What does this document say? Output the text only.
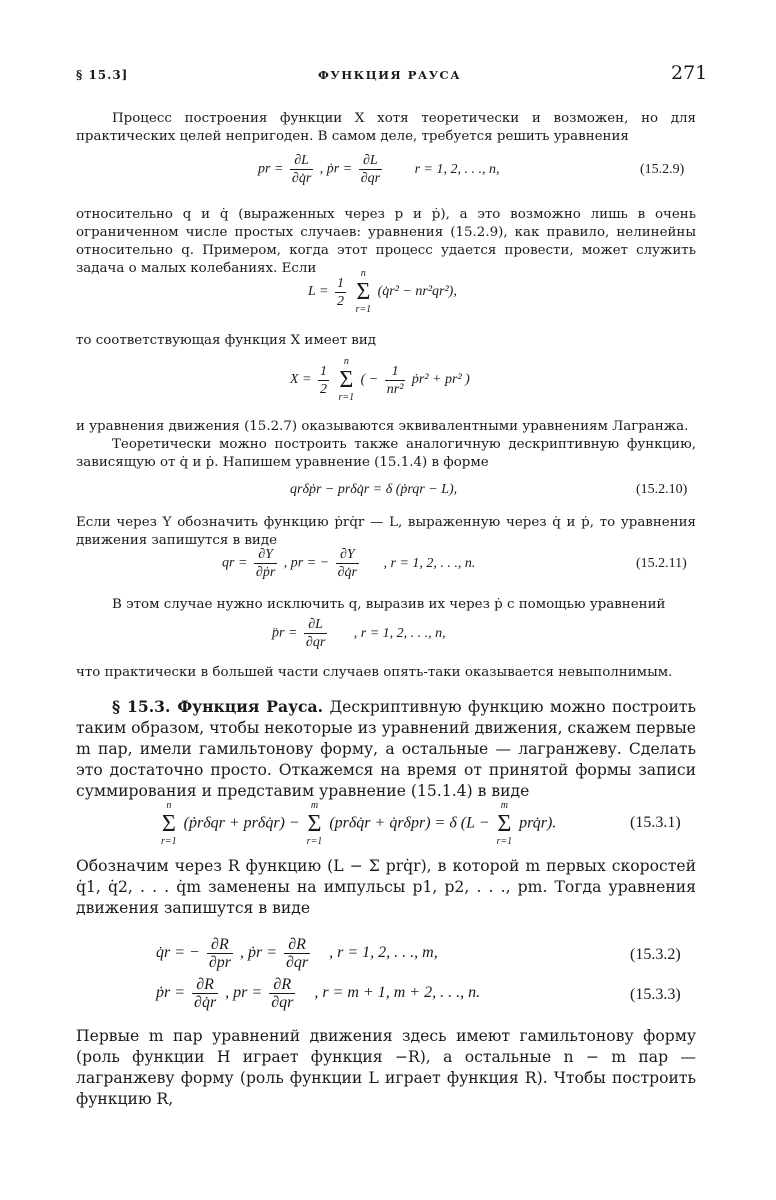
§ 15.3]	ФУНКЦИЯ РАУСА	271
Процесс построения функции X хотя теоретически и возможен, но для практических целей непригоден. В самом деле, требуется решить уравнения
pr = $\frac{\partial L}{\partial q̇r}$ , ṗr = $\frac{\partial L}{\partial qr}$ r = 1, 2, . . ., n,	(15.2.9)
относительно q и q̇ (выраженных через p и ṗ), а это возможно лишь в очень ограниченном числе простых случаев: уравнения (15.2.9), как правило, нелинейны относительно q. Примером, когда этот процесс удается провести, может служить задача о малых колебаниях. Если
$L = \frac{1}{2}$

n
Σ
r=1
(q̇r² − nr²qr²),
то соответствующая функция X имеет вид
$X = \frac{1}{2}$

n
Σ
r=1
( − $\frac{1}{\text{nr²}}$ ṗr² + pr² )
и уравнения движения (15.2.7) оказываются эквивалентными уравнениям Лагранжа.
Теоретически можно построить также аналогичную дескриптивную функцию, зависящую от q̇ и ṗ. Напишем уравнение (15.1.4) в форме
qrδṗr − prδq̇r = δ (ṗrqr − L),	(15.2.10)
Если через Y обозначить функцию ṗrq̇r — L, выраженную через q̇ и ṗ, то уравнения движения запишутся в виде
qr = $\frac{\partial Y}{\text{∂ṗr}}$ , pr = − $\frac{\partial Y}{\partial q̇r}$ , r = 1, 2, . . ., n.	(15.2.11)
В этом случае нужно исключить q, выразив их через ṗ с помощью уравнений
p̈r = $\frac{\partial L}{\partial qr}$ , r = 1, 2, . . ., n,
что практически в большей части случаев опять-таки оказывается невыполнимым.
§ 15.3. Функция Рауса. Дескриптивную функцию можно построить таким образом, чтобы некоторые из уравнений движения, скажем первые m пар, имели гамильтонову форму, а остальные — лагранжеву. Сделать это достаточно просто. Откажемся на время от принятой формы записи суммирования и представим уравнение (15.1.4) в виде
n
Σ
r=1
(ṗrδqr + prδq̇r) −
m
Σ
r=1
(prδq̇r + q̇rδpr) = δ (L −
m
Σ
r=1
prq̇r).	(15.3.1)
Обозначим через R функцию (L − Σ prq̇r), в которой m первых скоростей q̇1, q̇2, . . . q̇m заменены на импульсы p1, p2, . . ., pm. Тогда уравнения движения запишутся в виде
q̇r = − $\frac{\partial R}{\partial pr}$ , ṗr = $\frac{\partial R}{\partial qr}$ , r = 1, 2, . . ., m,	(15.3.2)
ṗr = $\frac{\partial R}{\partial q̇r}$ , pr = $\frac{\partial R}{\partial qr}$ , r = m + 1, m + 2, . . ., n.	(15.3.3)
Первые m пар уравнений движения здесь имеют гамильтонову форму (роль функции H играет функция −R), а остальные n − m пар — лагранжеву форму (роль функции L играет функция R). Чтобы построить функцию R,
